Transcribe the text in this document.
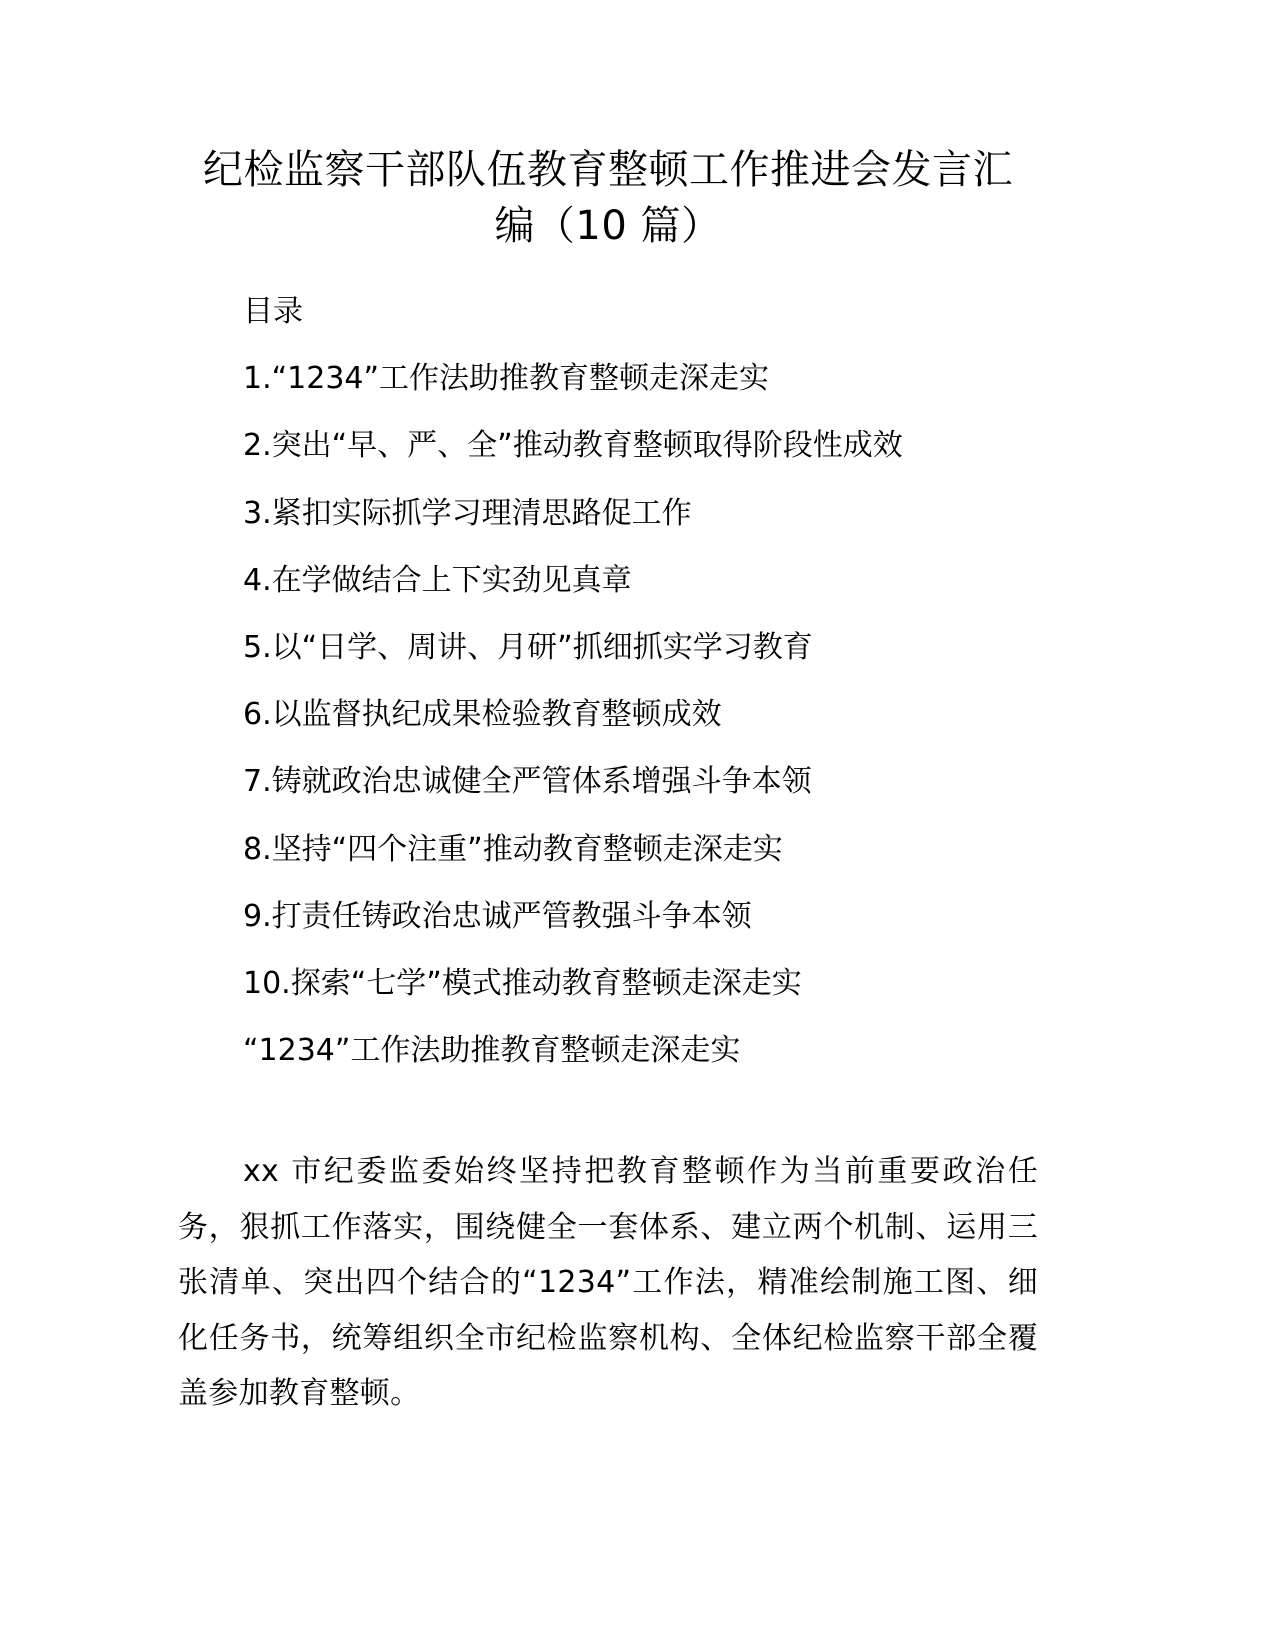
纪检监察干部队伍教育整顿工作推进会发言汇
编（10 篇）

目录

1.“1234”工作法助推教育整顿走深走实

2.突出“早、严、全”推动教育整顿取得阶段性成效

3.紧扣实际抓学习理清思路促工作

4.在学做结合上下实劲见真章

5.以“日学、周讲、月研”抓细抓实学习教育

6.以监督执纪成果检验教育整顿成效

7.铸就政治忠诚健全严管体系增强斗争本领

8.坚持“四个注重”推动教育整顿走深走实

9.打责任铸政治忠诚严管教强斗争本领

10.探索“七学”模式推动教育整顿走深走实

“1234”工作法助推教育整顿走深走实

xx 市纪委监委始终坚持把教育整顿作为当前重要政治任务，狠抓工作落实，围绕健全一套体系、建立两个机制、运用三张清单、突出四个结合的“1234”工作法，精准绘制施工图、细化任务书，统筹组织全市纪检监察机构、全体纪检监察干部全覆盖参加教育整顿。
